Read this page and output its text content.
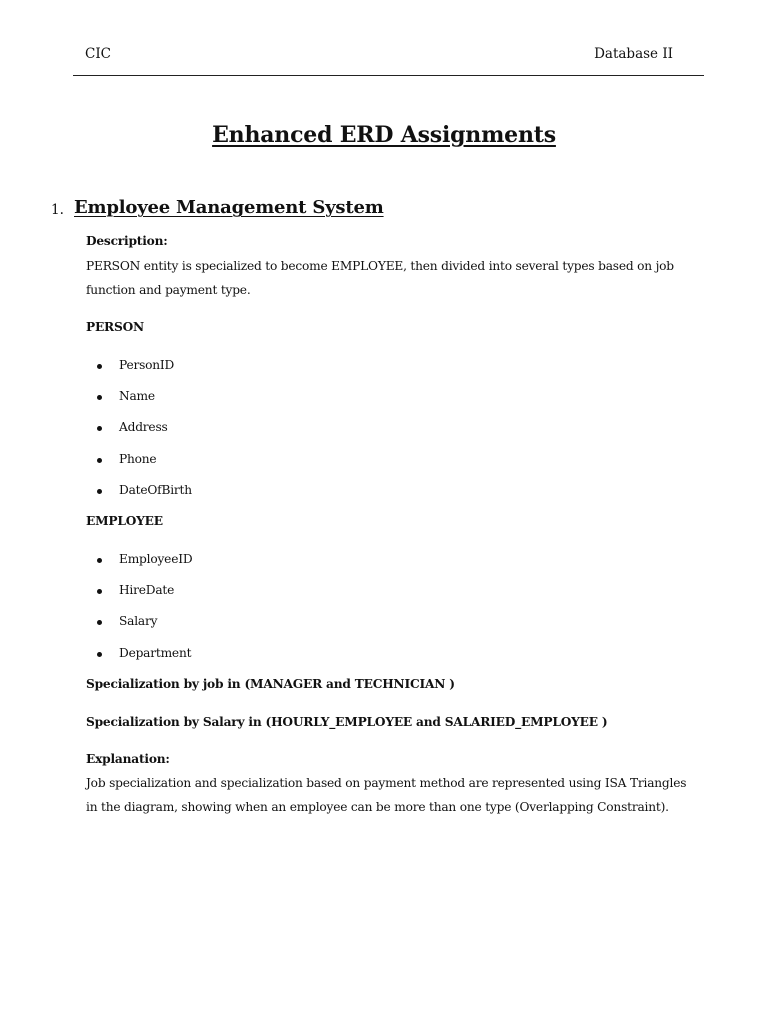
CIC	Database II
Enhanced ERD Assignments
1. Employee Management System
Description:
PERSON entity is specialized to become EMPLOYEE, then divided into several types based on job function and payment type.
PERSON
PersonID
Name
Address
Phone
DateOfBirth
EMPLOYEE
EmployeeID
HireDate
Salary
Department
Specialization by job in (MANAGER and TECHNICIAN )
Specialization by Salary in (HOURLY_EMPLOYEE and SALARIED_EMPLOYEE )
Explanation:
Job specialization and specialization based on payment method are represented using ISA Triangles in the diagram, showing when an employee can be more than one type (Overlapping Constraint).
